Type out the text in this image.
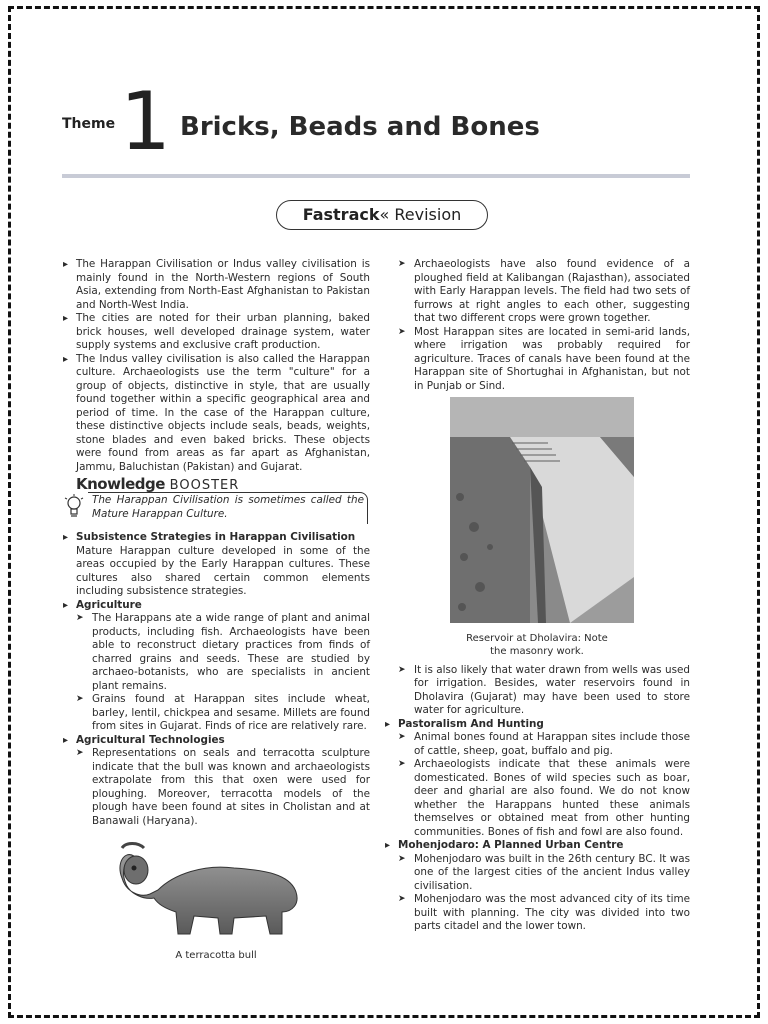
Theme 1 Bricks, Beads and Bones
Fastrack« Revision
▸ The Harappan Civilisation or Indus valley civilisation is mainly found in the North-Western regions of South Asia, extending from North-East Afghanistan to Pakistan and North-West India.
▸ The cities are noted for their urban planning, baked brick houses, well developed drainage system, water supply systems and exclusive craft production.
▸ The Indus valley civilisation is also called the Harappan culture. Archaeologists use the term "culture" for a group of objects, distinctive in style, that are usually found together within a specific geographical area and period of time. In the case of the Harappan culture, these distinctive objects include seals, beads, weights, stone blades and even baked bricks. These objects were found from areas as far apart as Afghanistan, Jammu, Baluchistan (Pakistan) and Gujarat.
Knowledge BOOSTER
The Harappan Civilisation is sometimes called the Mature Harappan Culture.
▸ Subsistence Strategies in Harappan Civilisation
Mature Harappan culture developed in some of the areas occupied by the Early Harappan cultures. These cultures also shared certain common elements including subsistence strategies.
▸ Agriculture
➤ The Harappans ate a wide range of plant and animal products, including fish. Archaeologists have been able to reconstruct dietary practices from finds of charred grains and seeds. These are studied by archaeo-botanists, who are specialists in ancient plant remains.
➤ Grains found at Harappan sites include wheat, barley, lentil, chickpea and sesame. Millets are found from sites in Gujarat. Finds of rice are relatively rare.
▸ Agricultural Technologies
➤ Representations on seals and terracotta sculpture indicate that the bull was known and archaeologists extrapolate from this that oxen were used for ploughing. Moreover, terracotta models of the plough have been found at sites in Cholistan and at Banawali (Haryana).
A terracotta bull
➤ Archaeologists have also found evidence of a ploughed field at Kalibangan (Rajasthan), associated with Early Harappan levels. The field had two sets of furrows at right angles to each other, suggesting that two different crops were grown together.
➤ Most Harappan sites are located in semi-arid lands, where irrigation was probably required for agriculture. Traces of canals have been found at the Harappan site of Shortughai in Afghanistan, but not in Punjab or Sind.
Reservoir at Dholavira: Note
the masonry work.
➤ It is also likely that water drawn from wells was used for irrigation. Besides, water reservoirs found in Dholavira (Gujarat) may have been used to store water for agriculture.
▸ Pastoralism And Hunting
➤ Animal bones found at Harappan sites include those of cattle, sheep, goat, buffalo and pig.
➤ Archaeologists indicate that these animals were domesticated. Bones of wild species such as boar, deer and gharial are also found. We do not know whether the Harappans hunted these animals themselves or obtained meat from other hunting communities. Bones of fish and fowl are also found.
▸ Mohenjodaro: A Planned Urban Centre
➤ Mohenjodaro was built in the 26th century BC. It was one of the largest cities of the ancient Indus valley civilisation.
➤ Mohenjodaro was the most advanced city of its time built with planning. The city was divided into two parts citadel and the lower town.
